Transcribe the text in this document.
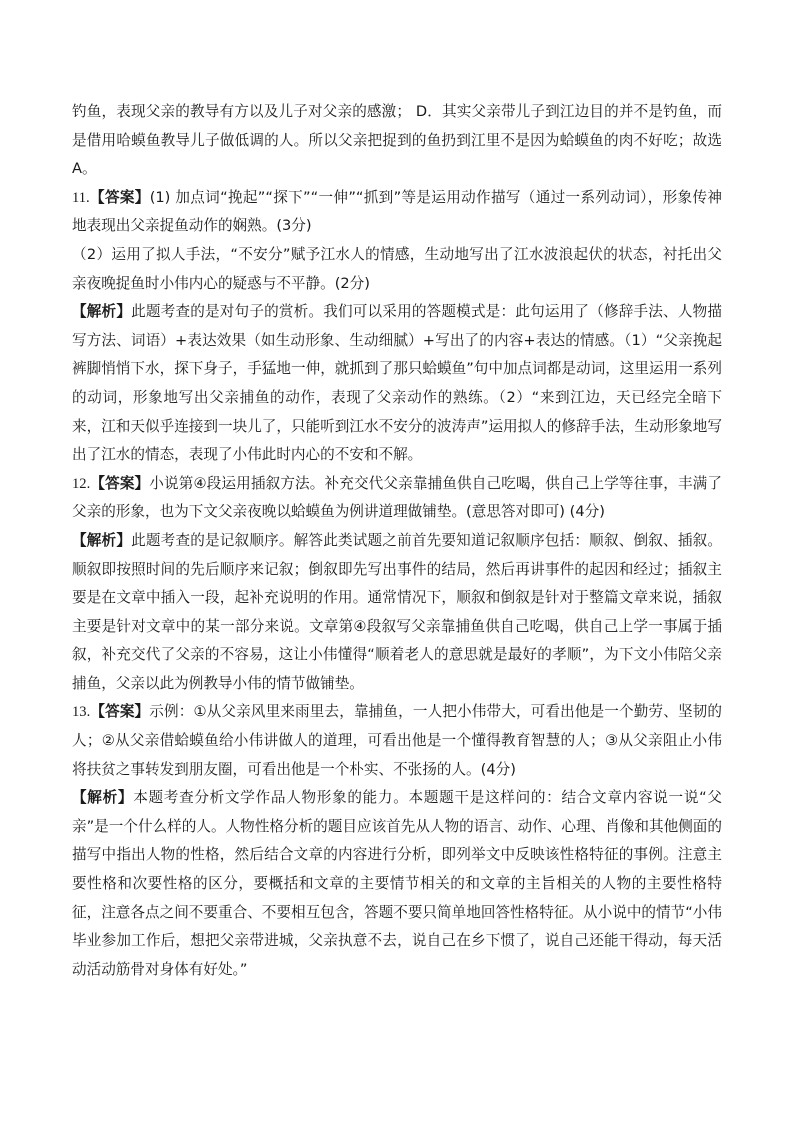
钓鱼，表现父亲的教导有方以及儿子对父亲的感激； D．其实父亲带儿子到江边目的并不是钓鱼，而是借用哈蟆鱼教导儿子做低调的人。所以父亲把捉到的鱼扔到江里不是因为蛤蟆鱼的肉不好吃；故选A。

11.【答案】(1) 加点词“挽起”“探下”“一伸”“抓到”等是运用动作描写（通过一系列动词），形象传神地表现出父亲捉鱼动作的娴熟。(3分)

（2）运用了拟人手法，“不安分”赋予江水人的情感，生动地写出了江水波浪起伏的状态，衬托出父亲夜晚捉鱼时小伟内心的疑惑与不平静。(2分)

【解析】此题考查的是对句子的赏析。我们可以采用的答题模式是：此句运用了（修辞手法、人物描写方法、词语）+表达效果（如生动形象、生动细腻）+写出了的内容+表达的情感。（1）“父亲挽起裤脚悄悄下水，探下身子，手猛地一伸，就抓到了那只蛤蟆鱼”句中加点词都是动词，这里运用一系列的动词，形象地写出父亲捕鱼的动作，表现了父亲动作的熟练。（2）“来到江边，天已经完全暗下来，江和天似乎连接到一块儿了，只能听到江水不安分的波涛声”运用拟人的修辞手法，生动形象地写出了江水的情态，表现了小伟此时内心的不安和不解。

12.【答案】小说第④段运用插叙方法。补充交代父亲靠捕鱼供自己吃喝，供自己上学等往事，丰满了父亲的形象，也为下文父亲夜晚以蛤蟆鱼为例讲道理做铺垫。(意思答对即可) (4分)

【解析】此题考查的是记叙顺序。解答此类试题之前首先要知道记叙顺序包括：顺叙、倒叙、插叙。顺叙即按照时间的先后顺序来记叙；倒叙即先写出事件的结局，然后再讲事件的起因和经过；插叙主要是在文章中插入一段，起补充说明的作用。通常情况下，顺叙和倒叙是针对于整篇文章来说，插叙主要是针对文章中的某一部分来说。文章第④段叙写父亲靠捕鱼供自己吃喝，供自己上学一事属于插叙，补充交代了父亲的不容易，这让小伟懂得“顺着老人的意思就是最好的孝顺”，为下文小伟陪父亲捕鱼，父亲以此为例教导小伟的情节做铺垫。

13.【答案】示例：①从父亲风里来雨里去，靠捕鱼，一人把小伟带大，可看出他是一个勤劳、坚韧的人；②从父亲借蛤蟆鱼给小伟讲做人的道理，可看出他是一个懂得教育智慧的人；③从父亲阻止小伟将扶贫之事转发到朋友圈，可看出他是一个朴实、不张扬的人。(4分)

【解析】本题考查分析文学作品人物形象的能力。本题题干是这样问的：结合文章内容说一说“父亲”是一个什么样的人。人物性格分析的题目应该首先从人物的语言、动作、心理、肖像和其他侧面的描写中指出人物的性格，然后结合文章的内容进行分析，即列举文中反映该性格特征的事例。注意主要性格和次要性格的区分，要概括和文章的主要情节相关的和文章的主旨相关的人物的主要性格特征，注意各点之间不要重合、不要相互包含，答题不要只简单地回答性格特征。从小说中的情节“小伟毕业参加工作后，想把父亲带进城，父亲执意不去，说自己在乡下惯了，说自己还能干得动，每天活动活动筋骨对身体有好处。”
